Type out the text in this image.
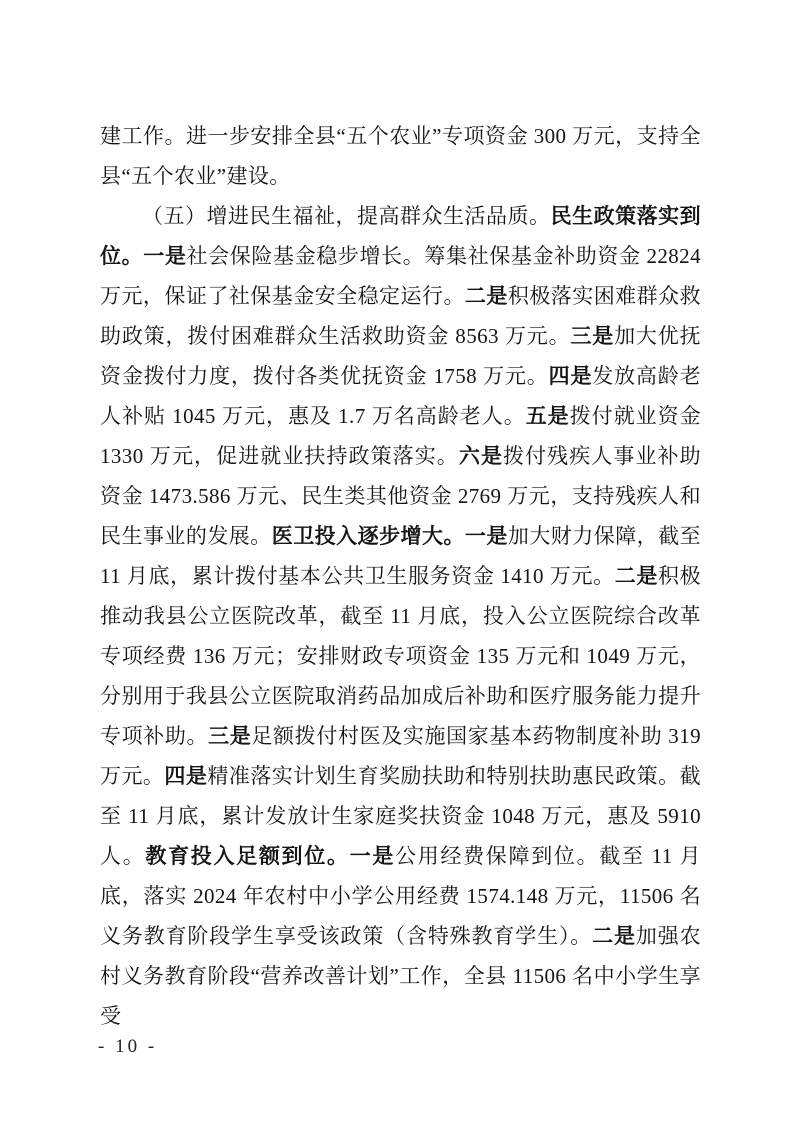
建工作。进一步安排全县“五个农业”专项资金 300 万元，支持全县“五个农业”建设。

（五）增进民生福祉，提高群众生活品质。民生政策落实到位。一是社会保险基金稳步增长。筹集社保基金补助资金 22824 万元，保证了社保基金安全稳定运行。二是积极落实困难群众救助政策，拨付困难群众生活救助资金 8563 万元。三是加大优抚资金拨付力度，拨付各类优抚资金 1758 万元。四是发放高龄老人补贴 1045 万元，惠及 1.7 万名高龄老人。五是拨付就业资金 1330 万元，促进就业扶持政策落实。六是拨付残疾人事业补助资金 1473.586 万元、民生类其他资金 2769 万元，支持残疾人和民生事业的发展。医卫投入逐步增大。一是加大财力保障，截至 11 月底，累计拨付基本公共卫生服务资金 1410 万元。二是积极推动我县公立医院改革，截至 11 月底，投入公立医院综合改革专项经费 136 万元；安排财政专项资金 135 万元和 1049 万元，分别用于我县公立医院取消药品加成后补助和医疗服务能力提升专项补助。三是足额拨付村医及实施国家基本药物制度补助 319 万元。四是精准落实计划生育奖励扶助和特别扶助惠民政策。截至 11 月底，累计发放计生家庭奖扶资金 1048 万元，惠及 5910 人。教育投入足额到位。一是公用经费保障到位。截至 11 月底，落实 2024 年农村中小学公用经费 1574.148 万元，11506 名义务教育阶段学生享受该政策（含特殊教育学生）。二是加强农村义务教育阶段“营养改善计划”工作，全县 11506 名中小学生享受

- 10 -
